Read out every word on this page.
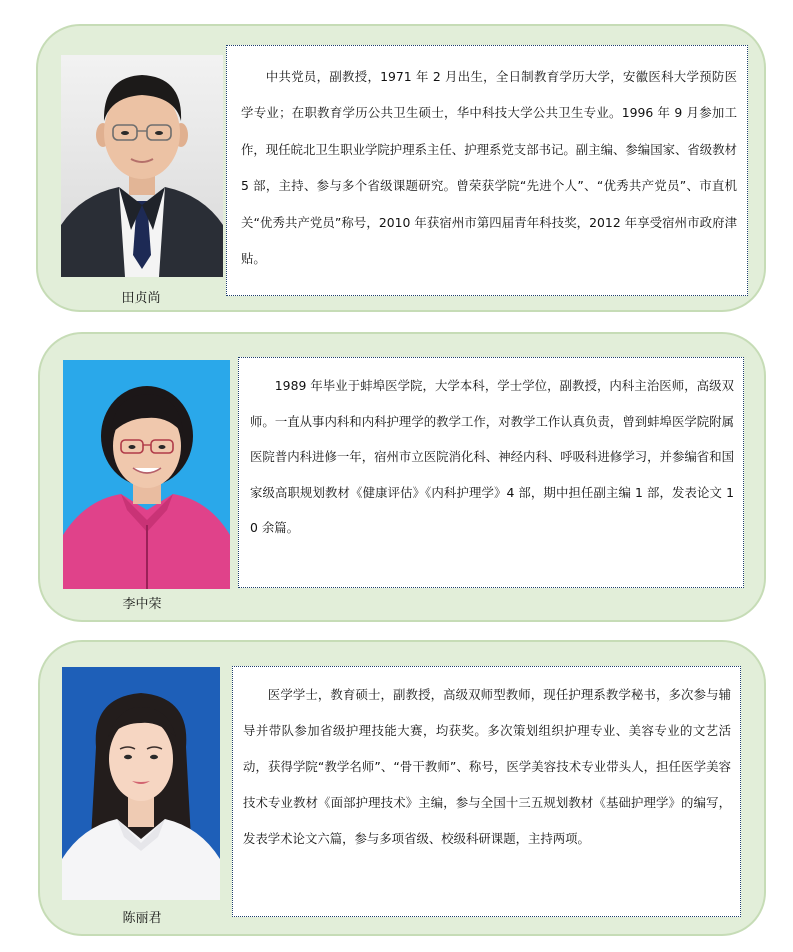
田贞尚

中共党员，副教授，1971 年 2 月出生，全日制教育学历大学，安徽医科大学预防医学专业；在职教育学历公共卫生硕士，华中科技大学公共卫生专业。1996 年 9 月参加工作，现任皖北卫生职业学院护理系主任、护理系党支部书记。副主编、参编国家、省级教材 5 部，主持、参与多个省级课题研究。曾荣获学院“先进个人”、“优秀共产党员”、市直机关“优秀共产党员”称号，2010 年获宿州市第四届青年科技奖，2012 年享受宿州市政府津贴。

李中荣

1989 年毕业于蚌埠医学院，大学本科，学士学位，副教授，内科主治医师，高级双师。一直从事内科和内科护理学的教学工作，对教学工作认真负责，曾到蚌埠医学院附属医院普内科进修一年，宿州市立医院消化科、神经内科、呼吸科进修学习，并参编省和国家级高职规划教材《健康评估》《内科护理学》4 部，期中担任副主编 1 部，发表论文 10 余篇。

陈丽君

医学学士，教育硕士，副教授，高级双师型教师，现任护理系教学秘书，多次参与辅导并带队参加省级护理技能大赛，均获奖。多次策划组织护理专业、美容专业的文艺活动，获得学院“教学名师”、“骨干教师”、称号，医学美容技术专业带头人，担任医学美容技术专业教材《面部护理技术》主编，参与全国十三五规划教材《基础护理学》的编写，发表学术论文六篇，参与多项省级、校级科研课题，主持两项。
